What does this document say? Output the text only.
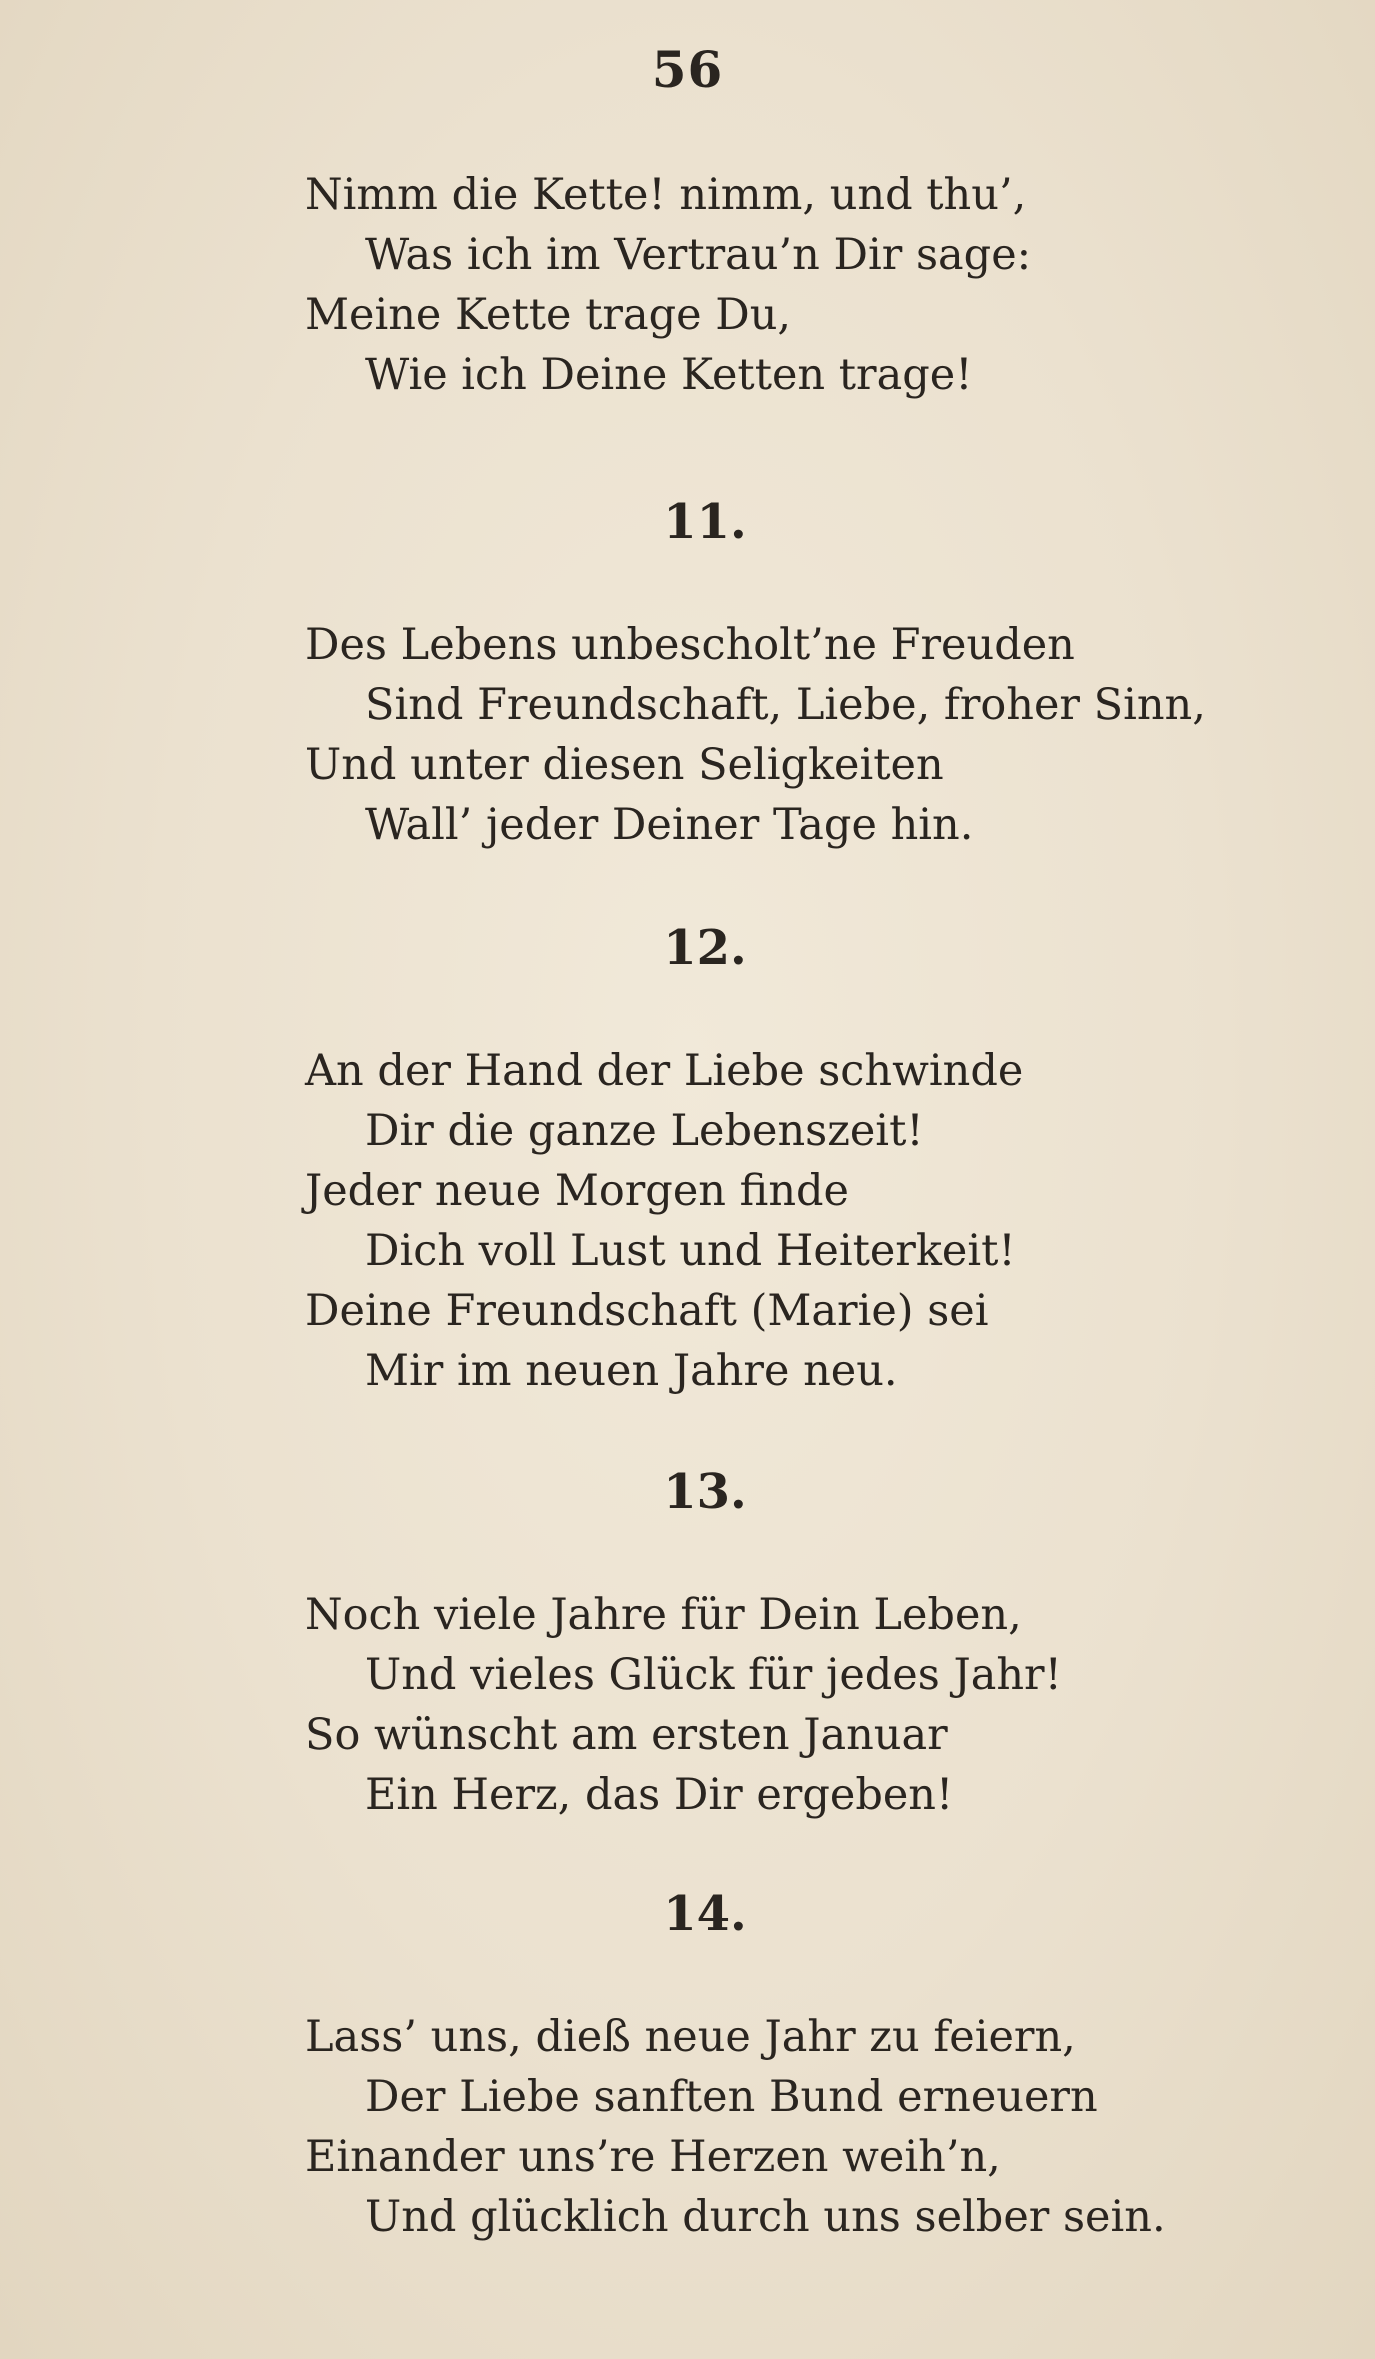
56
Nimm die Kette! nimm, und thu’,
Was ich im Vertrau’n Dir sage:
Meine Kette trage Du,
Wie ich Deine Ketten trage!
11.
Des Lebens unbescholt’ne Freuden
Sind Freundschaft, Liebe, froher Sinn,
Und unter diesen Seligkeiten
Wall’ jeder Deiner Tage hin.
12.
An der Hand der Liebe schwinde
Dir die ganze Lebenszeit!
Jeder neue Morgen finde
Dich voll Lust und Heiterkeit!
Deine Freundschaft (Marie) sei
Mir im neuen Jahre neu.
13.
Noch viele Jahre für Dein Leben,
Und vieles Glück für jedes Jahr!
So wünscht am ersten Januar
Ein Herz, das Dir ergeben!
14.
Lass’ uns, dieß neue Jahr zu feiern,
Der Liebe sanften Bund erneuern
Einander uns’re Herzen weih’n,
Und glücklich durch uns selber sein.
